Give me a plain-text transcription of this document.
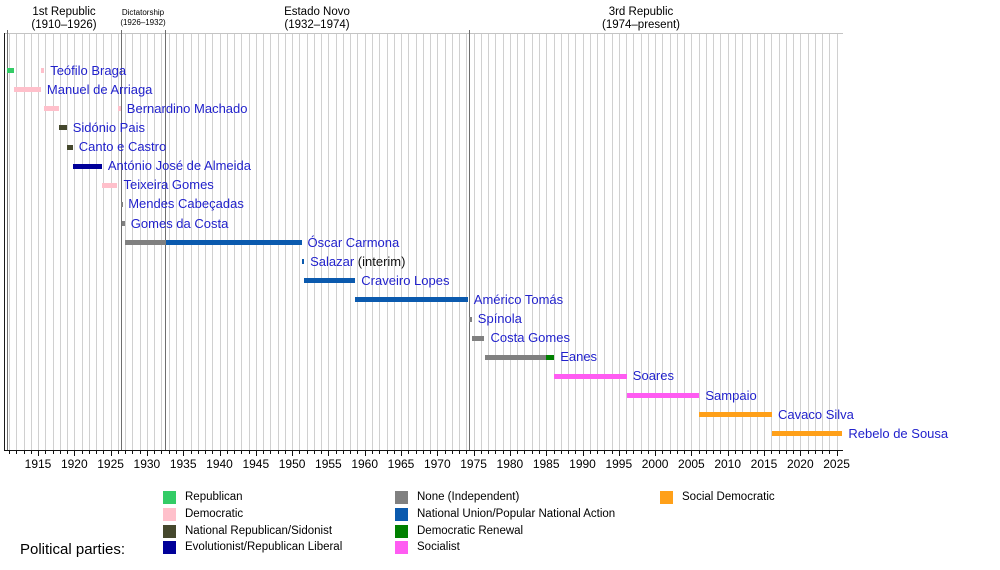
1st Republic
(1910–1926)
Dictatorship
(1926–1932)
Estado Novo
(1932–1974)
3rd Republic
(1974–present)
Teófilo Braga
Manuel de Arriaga
Bernardino Machado
Sidónio Pais
Canto e Castro
António José de Almeida
Teixeira Gomes
Mendes Cabeçadas
Gomes da Costa
Óscar Carmona
Salazar (interim)
Craveiro Lopes
Américo Tomás
Spínola
Costa Gomes
Eanes
Soares
Sampaio
Cavaco Silva
Rebelo de Sousa
1915 1920 1925 1930 1935 1940 1945 1950 1955 1960 1965 1970 1975 1980 1985 1990 1995 2000 2005 2010 2015 2020 2025
Political parties:
Republican
Democratic
National Republican/Sidonist
Evolutionist/Republican Liberal
None (Independent)
National Union/Popular National Action
Democratic Renewal
Socialist
Social Democratic
